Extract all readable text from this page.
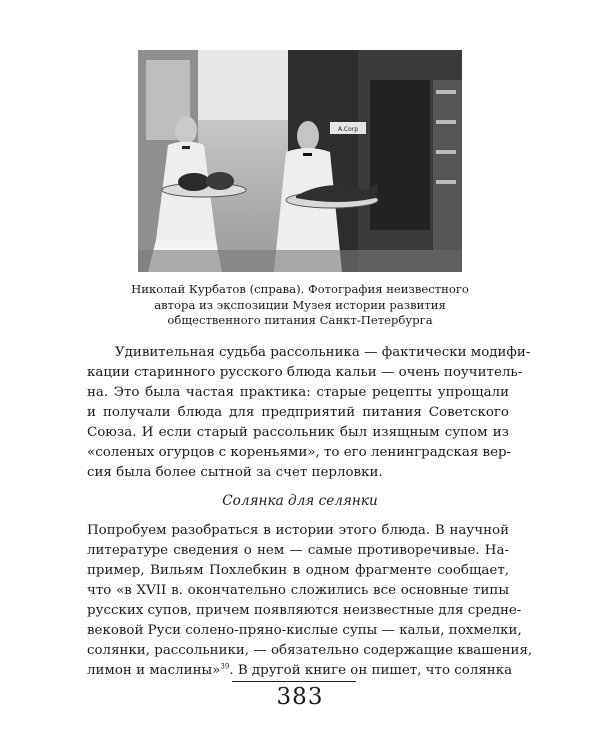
A.Corp
Николай Курбатов (справа). Фотография неизвестного
автора из экспозиции Музея истории развития
общественного питания Санкт-Петербурга
Удивительная судьба рассольника — фактически модифи-
кации старинного русского блюда кальи — очень поучитель-
на. Это была частая практика: старые рецепты упрощали
и получали блюда для предприятий питания Советского
Союза. И если старый рассольник был изящным супом из
«соленых огурцов с кореньями», то его ленинградская вер-
сия была более сытной за счет перловки.
Солянка для селянки
Попробуем разобраться в истории этого блюда. В научной
литературе сведения о нем — самые противоречивые. На-
пример, Вильям Похлебкин в одном фрагменте сообщает,
что «в XVII в. окончательно сложились все основные типы
русских супов, причем появляются неизвестные для средне-
вековой Руси солено-пряно-кислые супы — кальи, похмелки,
солянки, рассольники, — обязательно содержащие квашения,
лимон и маслины»$^{39}$. В другой книге он пишет, что солянка
383
